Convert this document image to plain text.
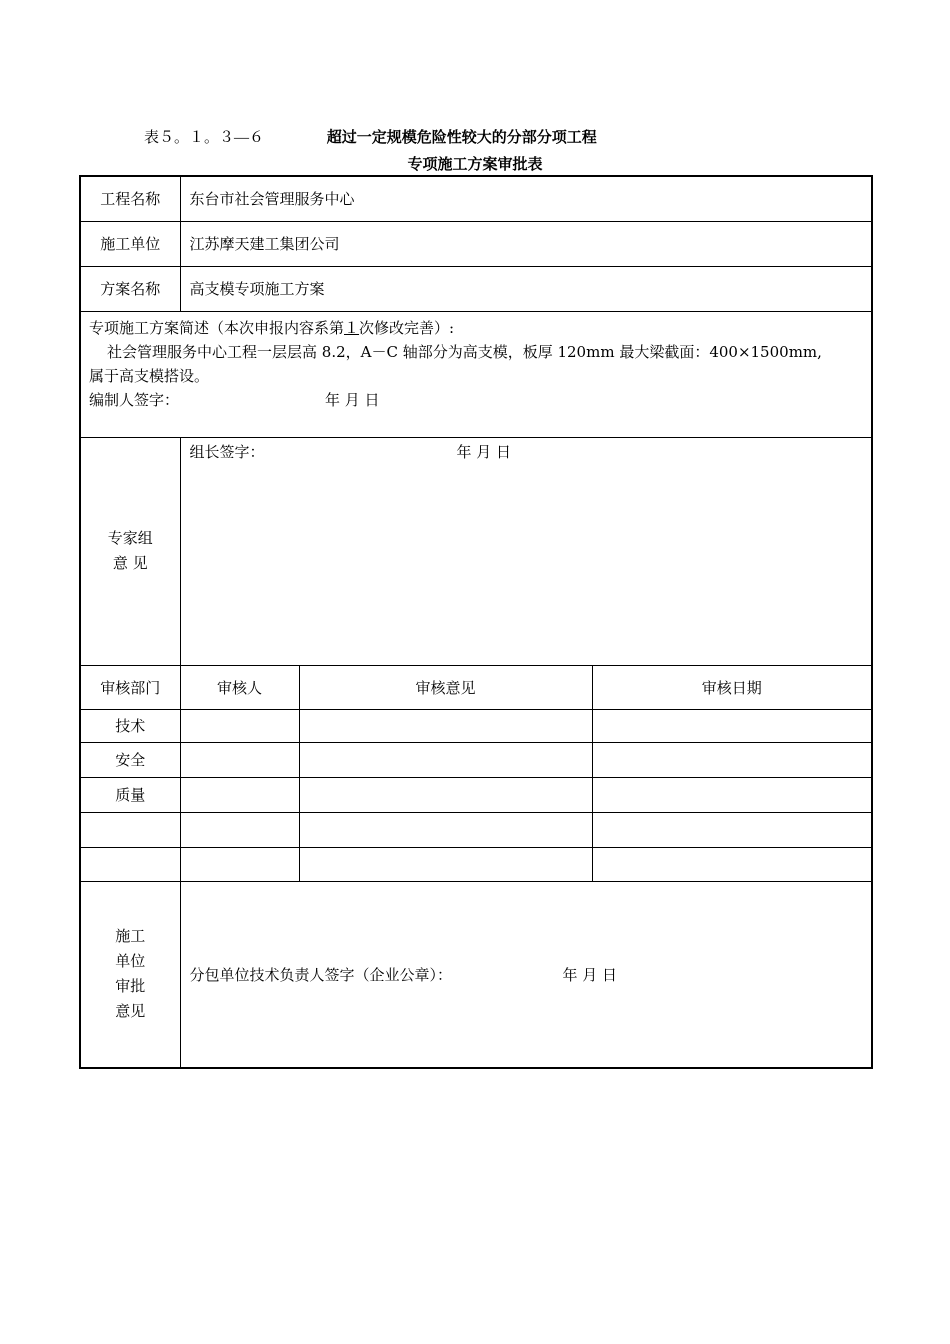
表５。１。３—６	超过一定规模危险性较大的分部分项工程
专项施工方案审批表
工程名称	东台市社会管理服务中心		
施工单位	江苏摩天建工集团公司		
方案名称	高支模专项施工方案		

专项施工方案简述（本次申报内容系第１次修改完善）:
社会管理服务中心工程一层层高 8.2，A－C 轴部分为高支模，板厚 120mm 最大梁截面：400×1500mm,
属于高支模搭设。
编制人签字： 年 月 日			

专家组
意 见	组长签字： 年 月 日		

审核部门	审核人	审核意见	审核日期
技术			
安全			
质量			

施工
单位
审批
意见	分包单位技术负责人签字（企业公章）： 年 月 日		
